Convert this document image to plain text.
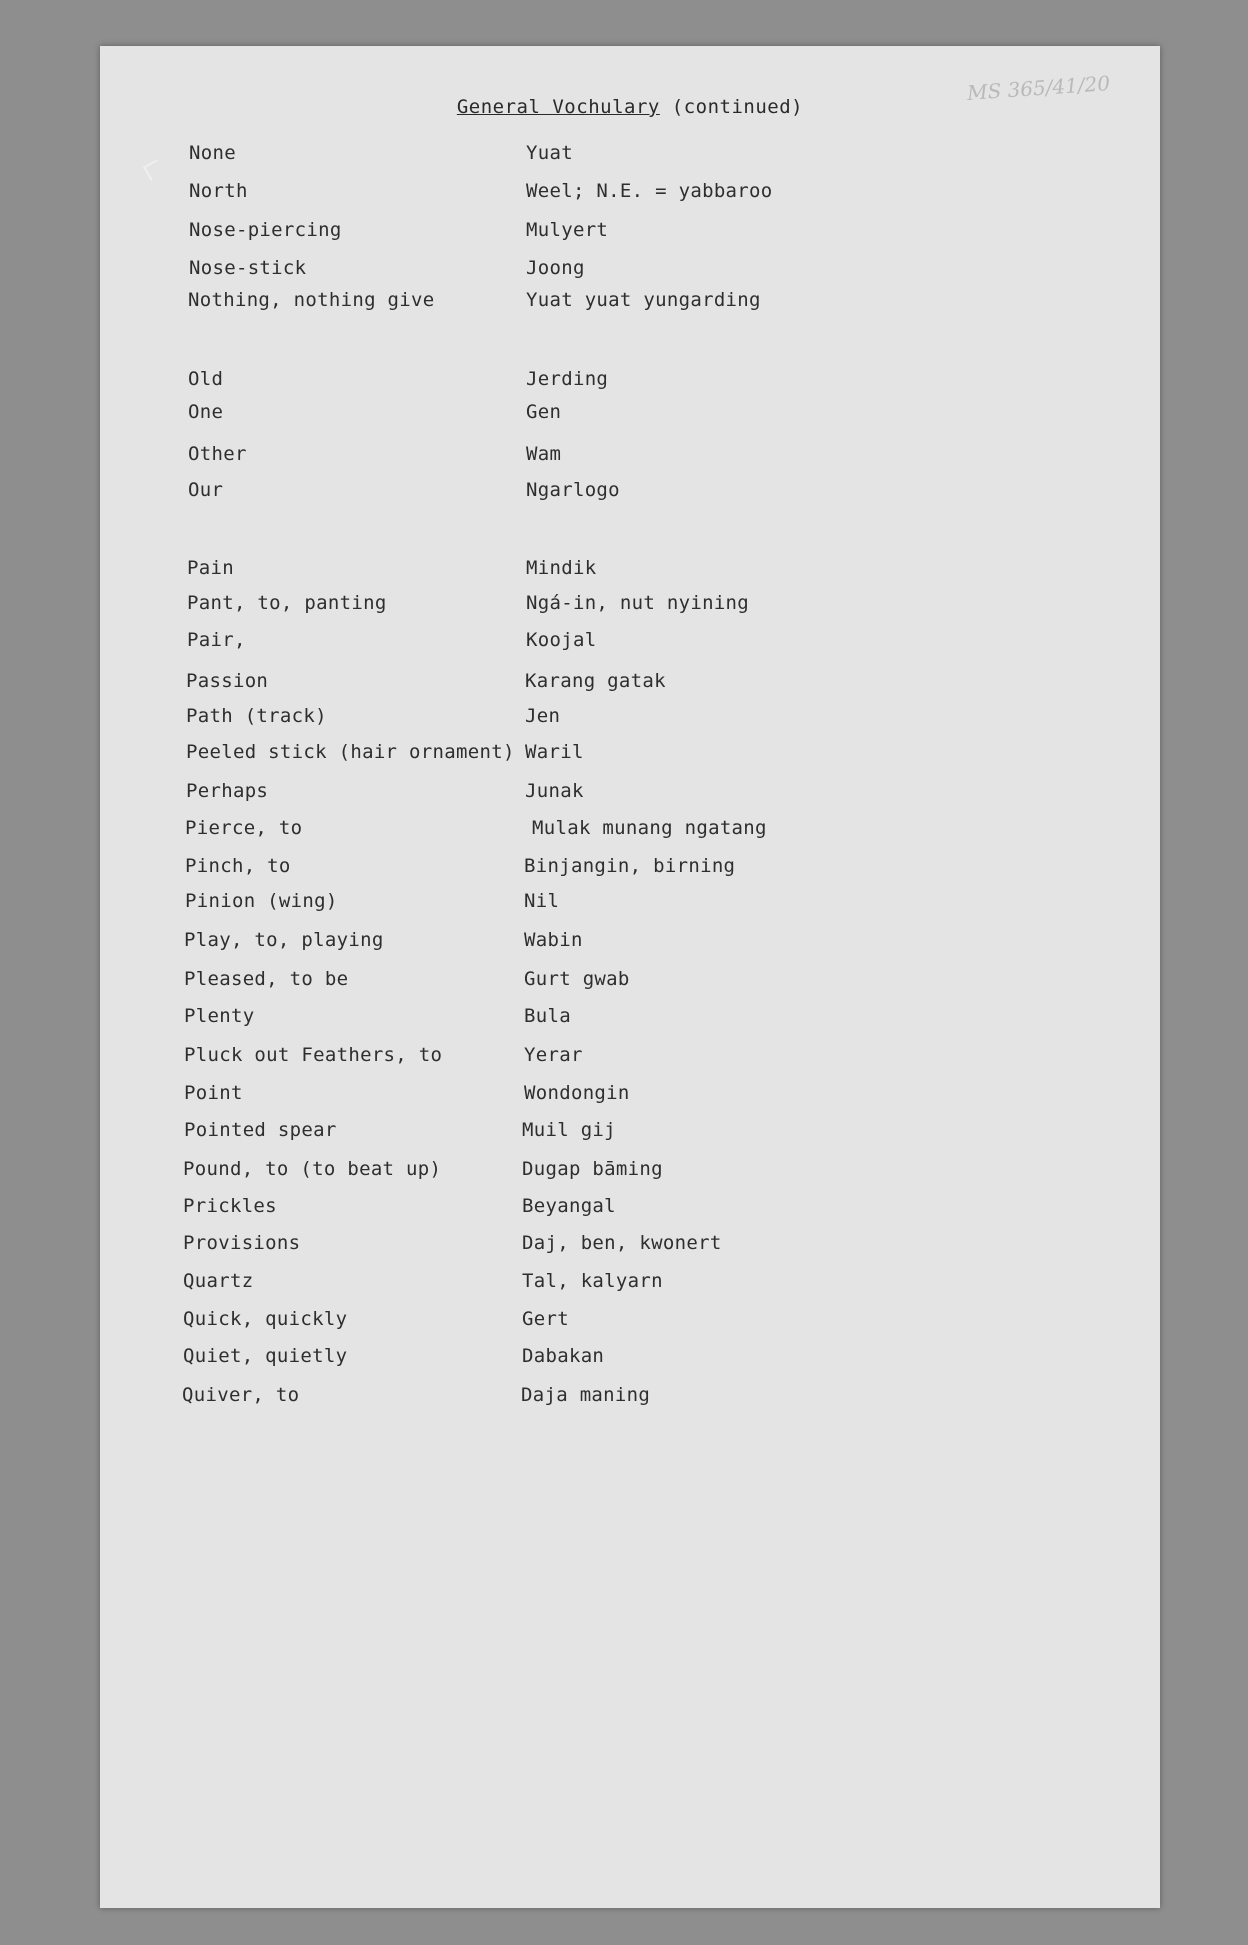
MS 365/41/20
General Vochulary (continued)
None	Yuat
North	Weel; N.E. = yabbaroo
Nose-piercing	Mulyert
Nose-stick	Joong
Nothing, nothing give	Yuat yuat yungarding
Old	Jerding
One	Gen
Other	Wam
Our	Ngarlogo
Pain	Mindik
Pant, to, panting	Ngá-in, nut nyining
Pair,	Koojal
Passion	Karang gatak
Path (track)	Jen
Peeled stick (hair ornament) Waril
Perhaps	Junak
Pierce, to	Mulak munang ngatang
Pinch, to	Binjangin, birning
Pinion (wing)	Nil
Play, to, playing	Wabin
Pleased, to be	Gurt gwab
Plenty	Bula
Pluck out Feathers, to	Yerar
Point	Wondongin
Pointed spear	Muil gij
Pound, to (to beat up)	Dugap bāming
Prickles	Beyangal
Provisions	Daj, ben, kwonert
Quartz	Tal, kalyarn
Quick, quickly	Gert
Quiet, quietly	Dabakan
Quiver, to	Daja maning
